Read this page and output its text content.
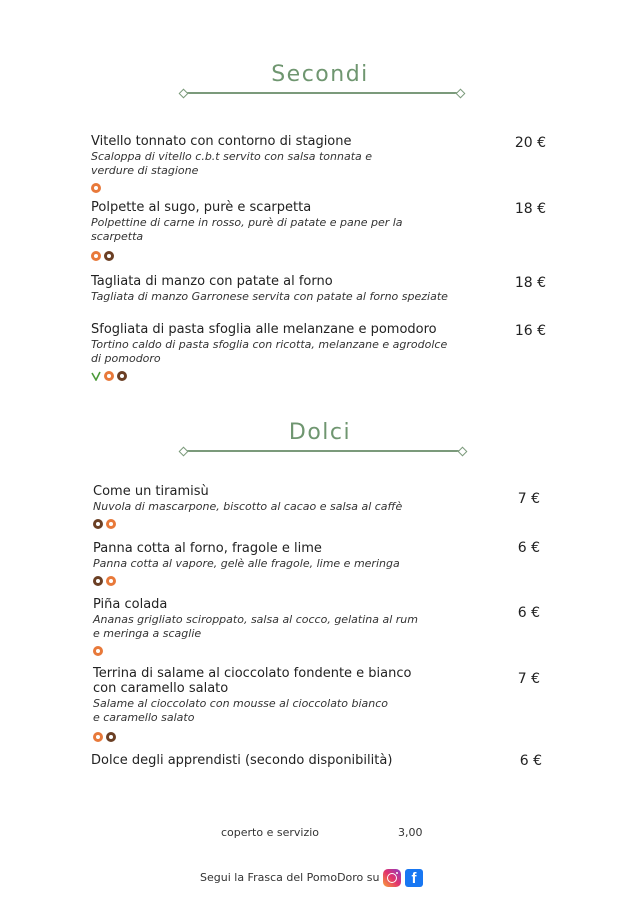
Secondi
Vitello tonnato con contorno di stagione
Scaloppa di vitello c.b.t servito con salsa tonnata e
verdure di stagione
20 €
Polpette al sugo, purè e scarpetta
Polpettine di carne in rosso, purè di patate e pane per la
scarpetta
18 €
Tagliata di manzo con patate al forno
Tagliata di manzo Garronese servita con patate al forno speziate
18 €
Sfogliata di pasta sfoglia alle melanzane e pomodoro
Tortino caldo di pasta sfoglia con ricotta, melanzane e agrodolce
di pomodoro
16 €
Dolci
Come un tiramisù
Nuvola di mascarpone, biscotto al cacao e salsa al caffè	7 €
Panna cotta al forno, fragole e lime
Panna cotta al vapore, gelè alle fragole, lime e meringa
6 €
Piña colada
Ananas grigliato sciroppato, salsa al cocco, gelatina al rum
e meringa a scaglie
6 €
Terrina di salame al cioccolato fondente e bianco
con caramello salato
Salame al cioccolato con mousse al cioccolato bianco
e caramello salato
7 €
Dolce degli apprendisti (secondo disponibilità)	6 €
coperto e servizio	3,00
Segui la Frasca del PomoDoro su	f
